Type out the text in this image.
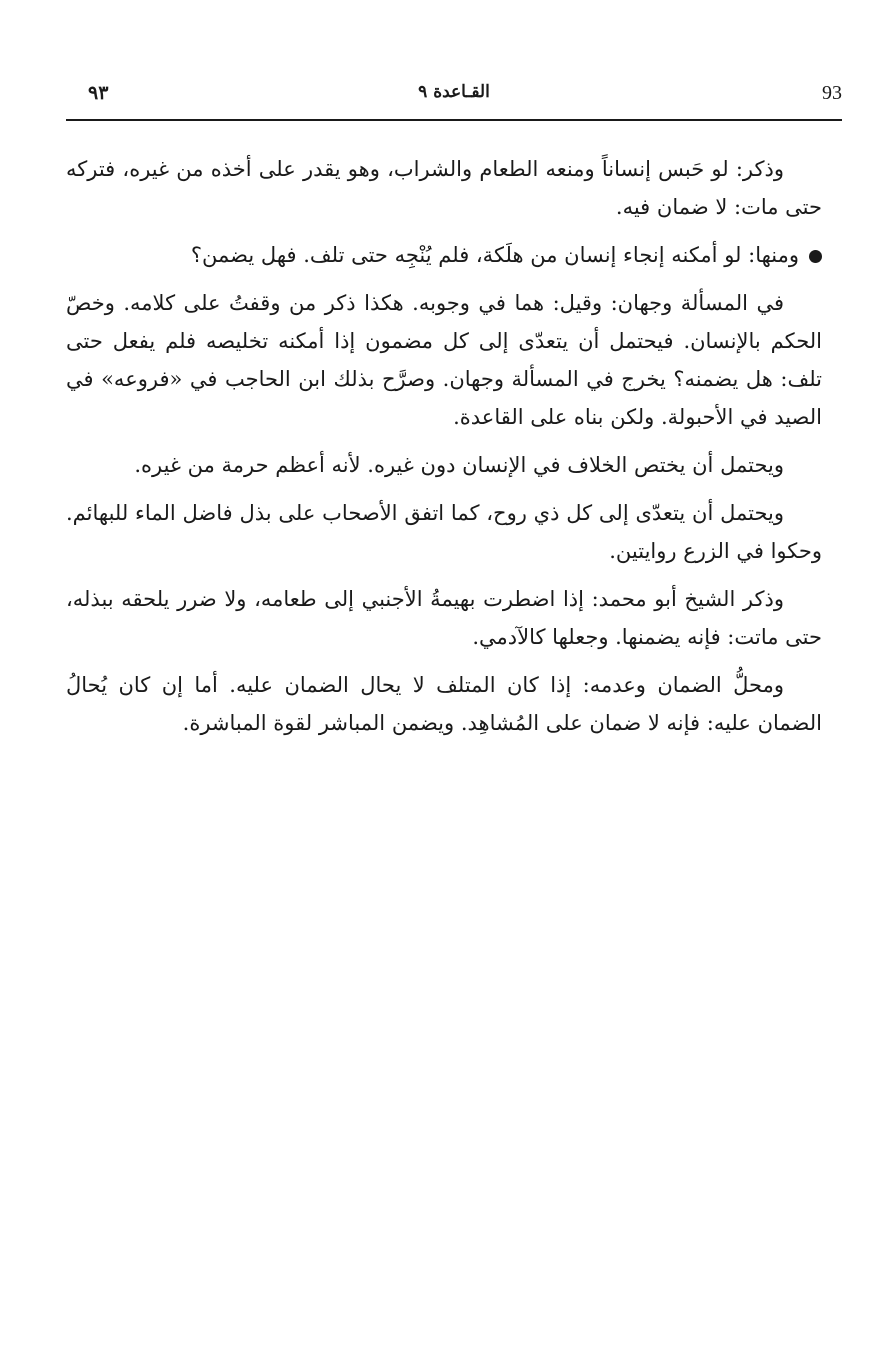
93
القـاعدة ٩
٩٣

وذكر: لو حَبس إنساناً ومنعه الطعام والشراب، وهو يقدر على أخذه من غيره، فتركه حتى مات: لا ضمان فيه.

ومنها: لو أمكنه إنجاء إنسان من هلَكة، فلم يُنْجِه حتى تلف. فهل يضمن؟

في المسألة وجهان: وقيل: هما في وجوبه. هكذا ذكر من وقفتُ على كلامه. وخصّ الحكم بالإنسان. فيحتمل أن يتعدّى إلى كل مضمون إذا أمكنه تخليصه فلم يفعل حتى تلف: هل يضمنه؟ يخرج في المسألة وجهان. وصرَّح بذلك ابن الحاجب في «فروعه» في الصيد في الأحبولة. ولكن بناه على القاعدة.

ويحتمل أن يختص الخلاف في الإنسان دون غيره. لأنه أعظم حرمة من غيره.

ويحتمل أن يتعدّى إلى كل ذي روح، كما اتفق الأصحاب على بذل فاضل الماء للبهائم. وحكوا في الزرع روايتين.

وذكر الشيخ أبو محمد: إذا اضطرت بهيمةُ الأجنبي إلى طعامه، ولا ضرر يلحقه ببذله، حتى ماتت: فإنه يضمنها. وجعلها كالآدمي.

ومحلُّ الضمان وعدمه: إذا كان المتلف لا يحال الضمان عليه. أما إن كان يُحالُ الضمان عليه: فإنه لا ضمان على المُشاهِد. ويضمن المباشر لقوة المباشرة.
